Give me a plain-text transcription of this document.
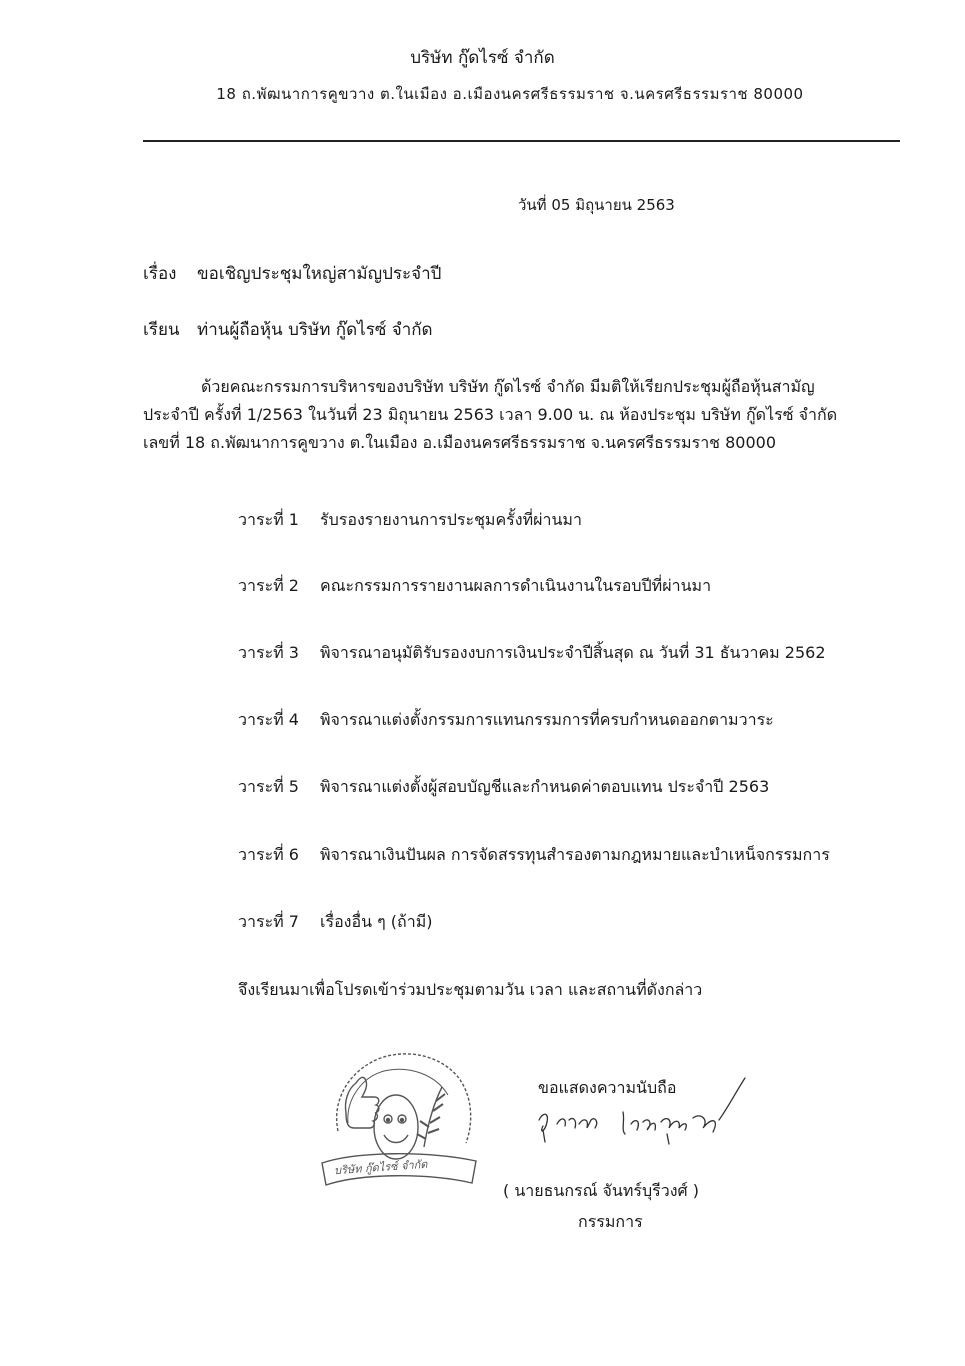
บริษัท กู๊ดไรซ์ จำกัด
18 ถ.พัฒนาการคูขวาง ต.ในเมือง อ.เมืองนครศรีธรรมราช จ.นครศรีธรรมราช 80000
วันที่ 05 มิถุนายน 2563
เรื่อง ขอเชิญประชุมใหญ่สามัญประจำปี
เรียน ท่านผู้ถือหุ้น บริษัท กู๊ดไรซ์ จำกัด
ด้วยคณะกรรมการบริหารของบริษัท บริษัท กู๊ดไรซ์ จำกัด มีมติให้เรียกประชุมผู้ถือหุ้นสามัญ
ประจำปี ครั้งที่ 1/2563 ในวันที่ 23 มิถุนายน 2563 เวลา 9.00 น. ณ ห้องประชุม บริษัท กู๊ดไรซ์ จำกัด
เลขที่ 18 ถ.พัฒนาการคูขวาง ต.ในเมือง อ.เมืองนครศรีธรรมราช จ.นครศรีธรรมราช 80000
วาระที่ 1 รับรองรายงานการประชุมครั้งที่ผ่านมา
วาระที่ 2 คณะกรรมการรายงานผลการดำเนินงานในรอบปีที่ผ่านมา
วาระที่ 3 พิจารณาอนุมัติรับรองงบการเงินประจำปีสิ้นสุด ณ วันที่ 31 ธันวาคม 2562
วาระที่ 4 พิจารณาแต่งตั้งกรรมการแทนกรรมการที่ครบกำหนดออกตามวาระ
วาระที่ 5 พิจารณาแต่งตั้งผู้สอบบัญชีและกำหนดค่าตอบแทน ประจำปี 2563
วาระที่ 6 พิจารณาเงินปันผล การจัดสรรทุนสำรองตามกฎหมายและบำเหน็จกรรมการ
วาระที่ 7 เรื่องอื่น ๆ (ถ้ามี)
จึงเรียนมาเพื่อโปรดเข้าร่วมประชุมตามวัน เวลา และสถานที่ดังกล่าว
บริษัท กู๊ดไรซ์ จำกัด
ขอแสดงความนับถือ
( นายธนกรณ์ จันทร์บุรีวงศ์ )
กรรมการ
